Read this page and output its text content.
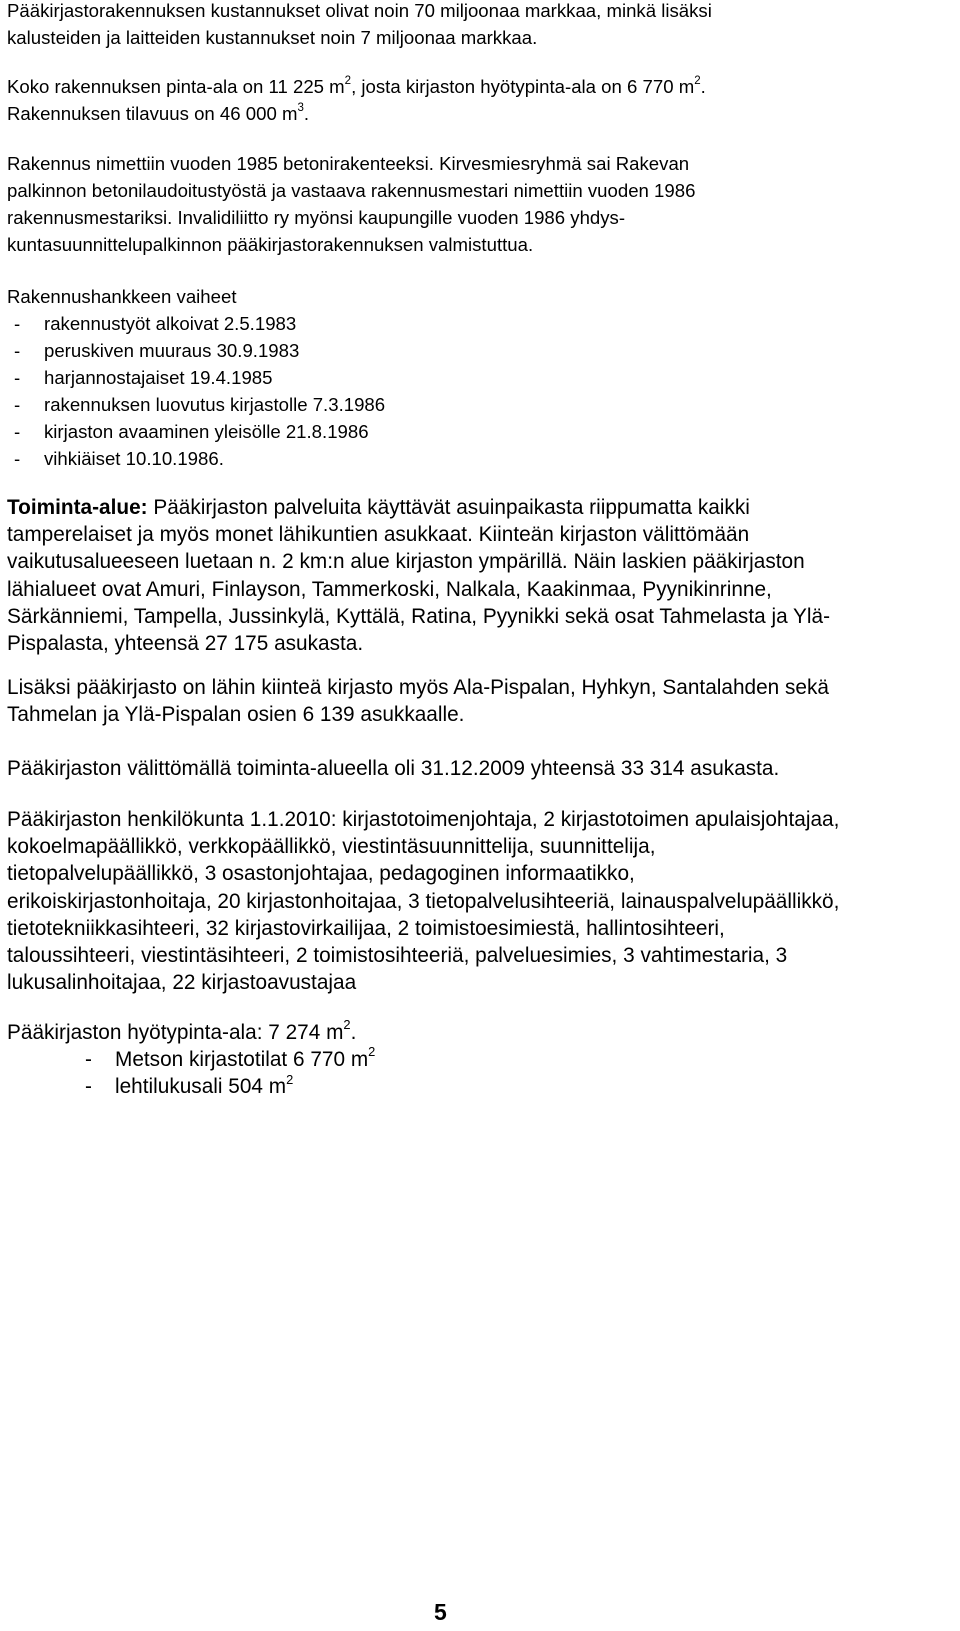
Pääkirjastorakennuksen kustannukset olivat noin 70 miljoonaa markkaa, minkä lisäksi
kalusteiden ja laitteiden kustannukset noin 7 miljoonaa markkaa.
Koko rakennuksen pinta-ala on 11 225 $m^2$, josta kirjaston hyötypinta-ala on 6 770 $m^2$.
Rakennuksen tilavuus on 46 000 $m^3$.
Rakennus nimettiin vuoden 1985 betonirakenteeksi. Kirvesmiesryhmä sai Rakevan
palkinnon betonilaudoitustyöstä ja vastaava rakennusmestari nimettiin vuoden 1986
rakennusmestariksi. Invalidiliitto ry myönsi kaupungille vuoden 1986 yhdys-
kuntasuunnittelupalkinnon pääkirjastorakennuksen valmistuttua.
Rakennushankkeen vaiheet
- rakennustyöt alkoivat 2.5.1983
- peruskiven muuraus 30.9.1983
- harjannostajaiset 19.4.1985
- rakennuksen luovutus kirjastolle 7.3.1986
- kirjaston avaaminen yleisölle 21.8.1986
- vihkiäiset 10.10.1986.
Toiminta-alue: Pääkirjaston palveluita käyttävät asuinpaikasta riippumatta kaikki
tamperelaiset ja myös monet lähikuntien asukkaat. Kiinteän kirjaston välittömään
vaikutusalueeseen luetaan n. 2 km:n alue kirjaston ympärillä. Näin laskien pääkirjaston
lähialueet ovat Amuri, Finlayson, Tammerkoski, Nalkala, Kaakinmaa, Pyynikinrinne,
Särkänniemi, Tampella, Jussinkylä, Kyttälä, Ratina, Pyynikki sekä osat Tahmelasta ja Ylä-
Pispalasta, yhteensä 27 175 asukasta.
Lisäksi pääkirjasto on lähin kiinteä kirjasto myös Ala-Pispalan, Hyhkyn, Santalahden sekä
Tahmelan ja Ylä-Pispalan osien 6 139 asukkaalle.
Pääkirjaston välittömällä toiminta-alueella oli 31.12.2009 yhteensä 33 314 asukasta.
Pääkirjaston henkilökunta 1.1.2010: kirjastotoimenjohtaja, 2 kirjastotoimen apulaisjohtajaa,
kokoelmapäällikkö, verkkopäällikkö, viestintäsuunnittelija, suunnittelija,
tietopalvelupäällikkö, 3 osastonjohtajaa, pedagoginen informaatikko,
erikoiskirjastonhoitaja, 20 kirjastonhoitajaa, 3 tietopalvelusihteeriä, lainauspalvelupäällikkö,
tietotekniikkasihteeri, 32 kirjastovirkailijaa, 2 toimistoesimiestä, hallintosihteeri,
taloussihteeri, viestintäsihteeri, 2 toimistosihteeriä, palveluesimies, 3 vahtimestaria, 3
lukusalinhoitajaa, 22 kirjastoavustajaa
Pääkirjaston hyötypinta-ala: 7 274 $m^2$.
- Metson kirjastotilat 6 770 $m^2$
- lehtilukusali 504 $m^2$
5
